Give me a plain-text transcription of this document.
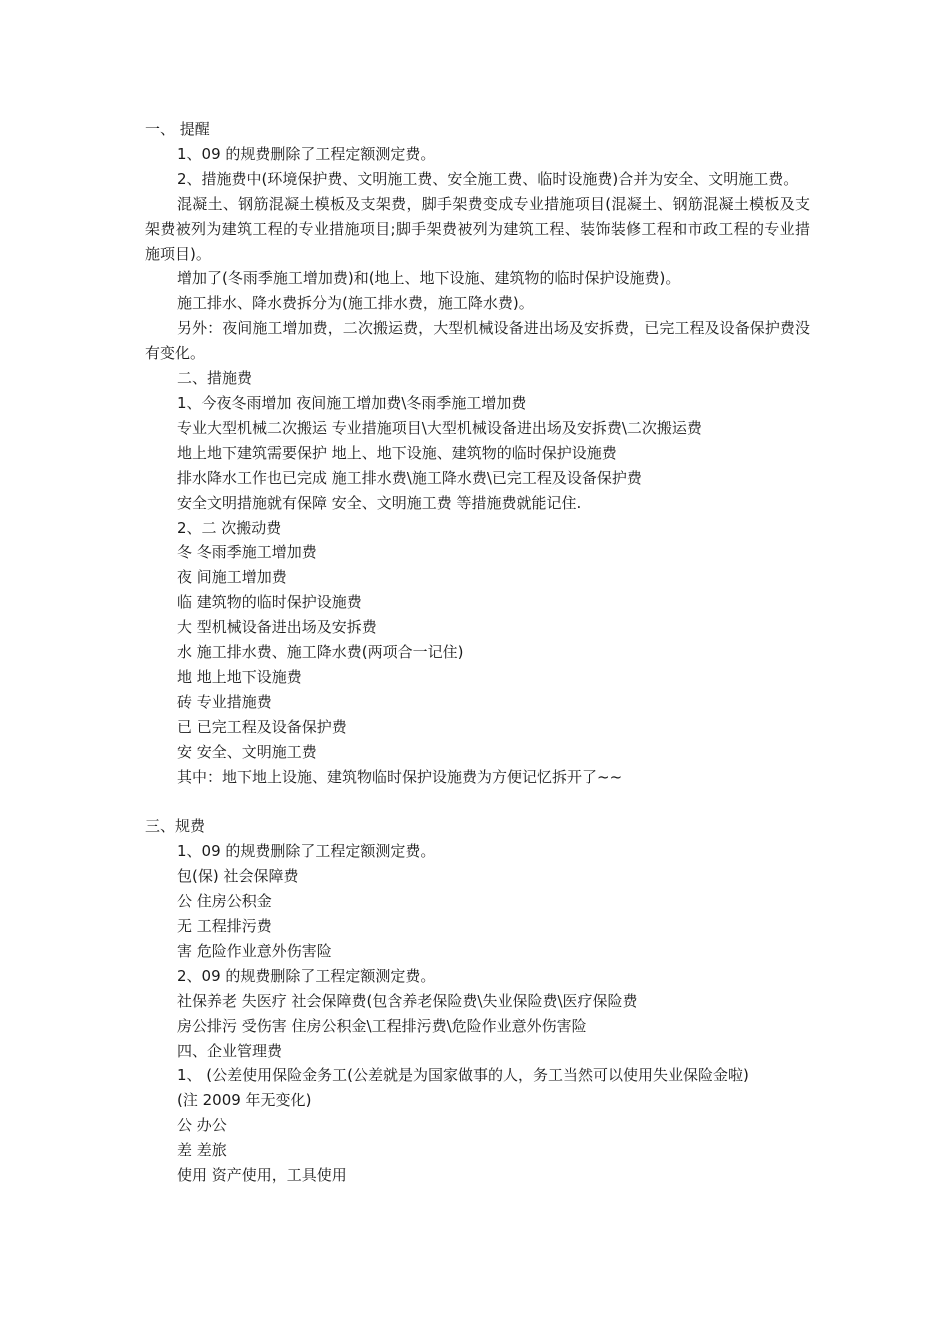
一、 提醒

1、09 的规费删除了工程定额测定费。

2、措施费中(环境保护费、文明施工费、安全施工费、临时设施费)合并为安全、文明施工费。

混凝土、钢筋混凝土模板及支架费，脚手架费变成专业措施项目(混凝土、钢筋混凝土模板及支架费被列为建筑工程的专业措施项目;脚手架费被列为建筑工程、装饰装修工程和市政工程的专业措施项目)。

增加了(冬雨季施工增加费)和(地上、地下设施、建筑物的临时保护设施费)。

施工排水、降水费拆分为(施工排水费，施工降水费)。

另外：夜间施工增加费，二次搬运费，大型机械设备进出场及安拆费，已完工程及设备保护费没有变化。

二、措施费

1、今夜冬雨增加 夜间施工增加费\冬雨季施工增加费

专业大型机械二次搬运 专业措施项目\大型机械设备进出场及安拆费\二次搬运费

地上地下建筑需要保护 地上、地下设施、建筑物的临时保护设施费

排水降水工作也已完成 施工排水费\施工降水费\已完工程及设备保护费

安全文明措施就有保障 安全、文明施工费 等措施费就能记住.

2、二 次搬动费

冬 冬雨季施工增加费

夜 间施工增加费

临 建筑物的临时保护设施费

大 型机械设备进出场及安拆费

水 施工排水费、施工降水费(两项合一记住)

地 地上地下设施费

砖 专业措施费

已 已完工程及设备保护费

安 安全、文明施工费

其中：地下地上设施、建筑物临时保护设施费为方便记忆拆开了~~

三、规费

1、09 的规费删除了工程定额测定费。

包(保) 社会保障费

公 住房公积金

无 工程排污费

害 危险作业意外伤害险

2、09 的规费删除了工程定额测定费。

社保养老 失医疗 社会保障费(包含养老保险费\失业保险费\医疗保险费

房公排污 受伤害 住房公积金\工程排污费\危险作业意外伤害险

四、企业管理费

1、 (公差使用保险金务工(公差就是为国家做事的人，务工当然可以使用失业保险金啦)

(注 2009 年无变化)

公 办公

差 差旅

使用 资产使用，工具使用
